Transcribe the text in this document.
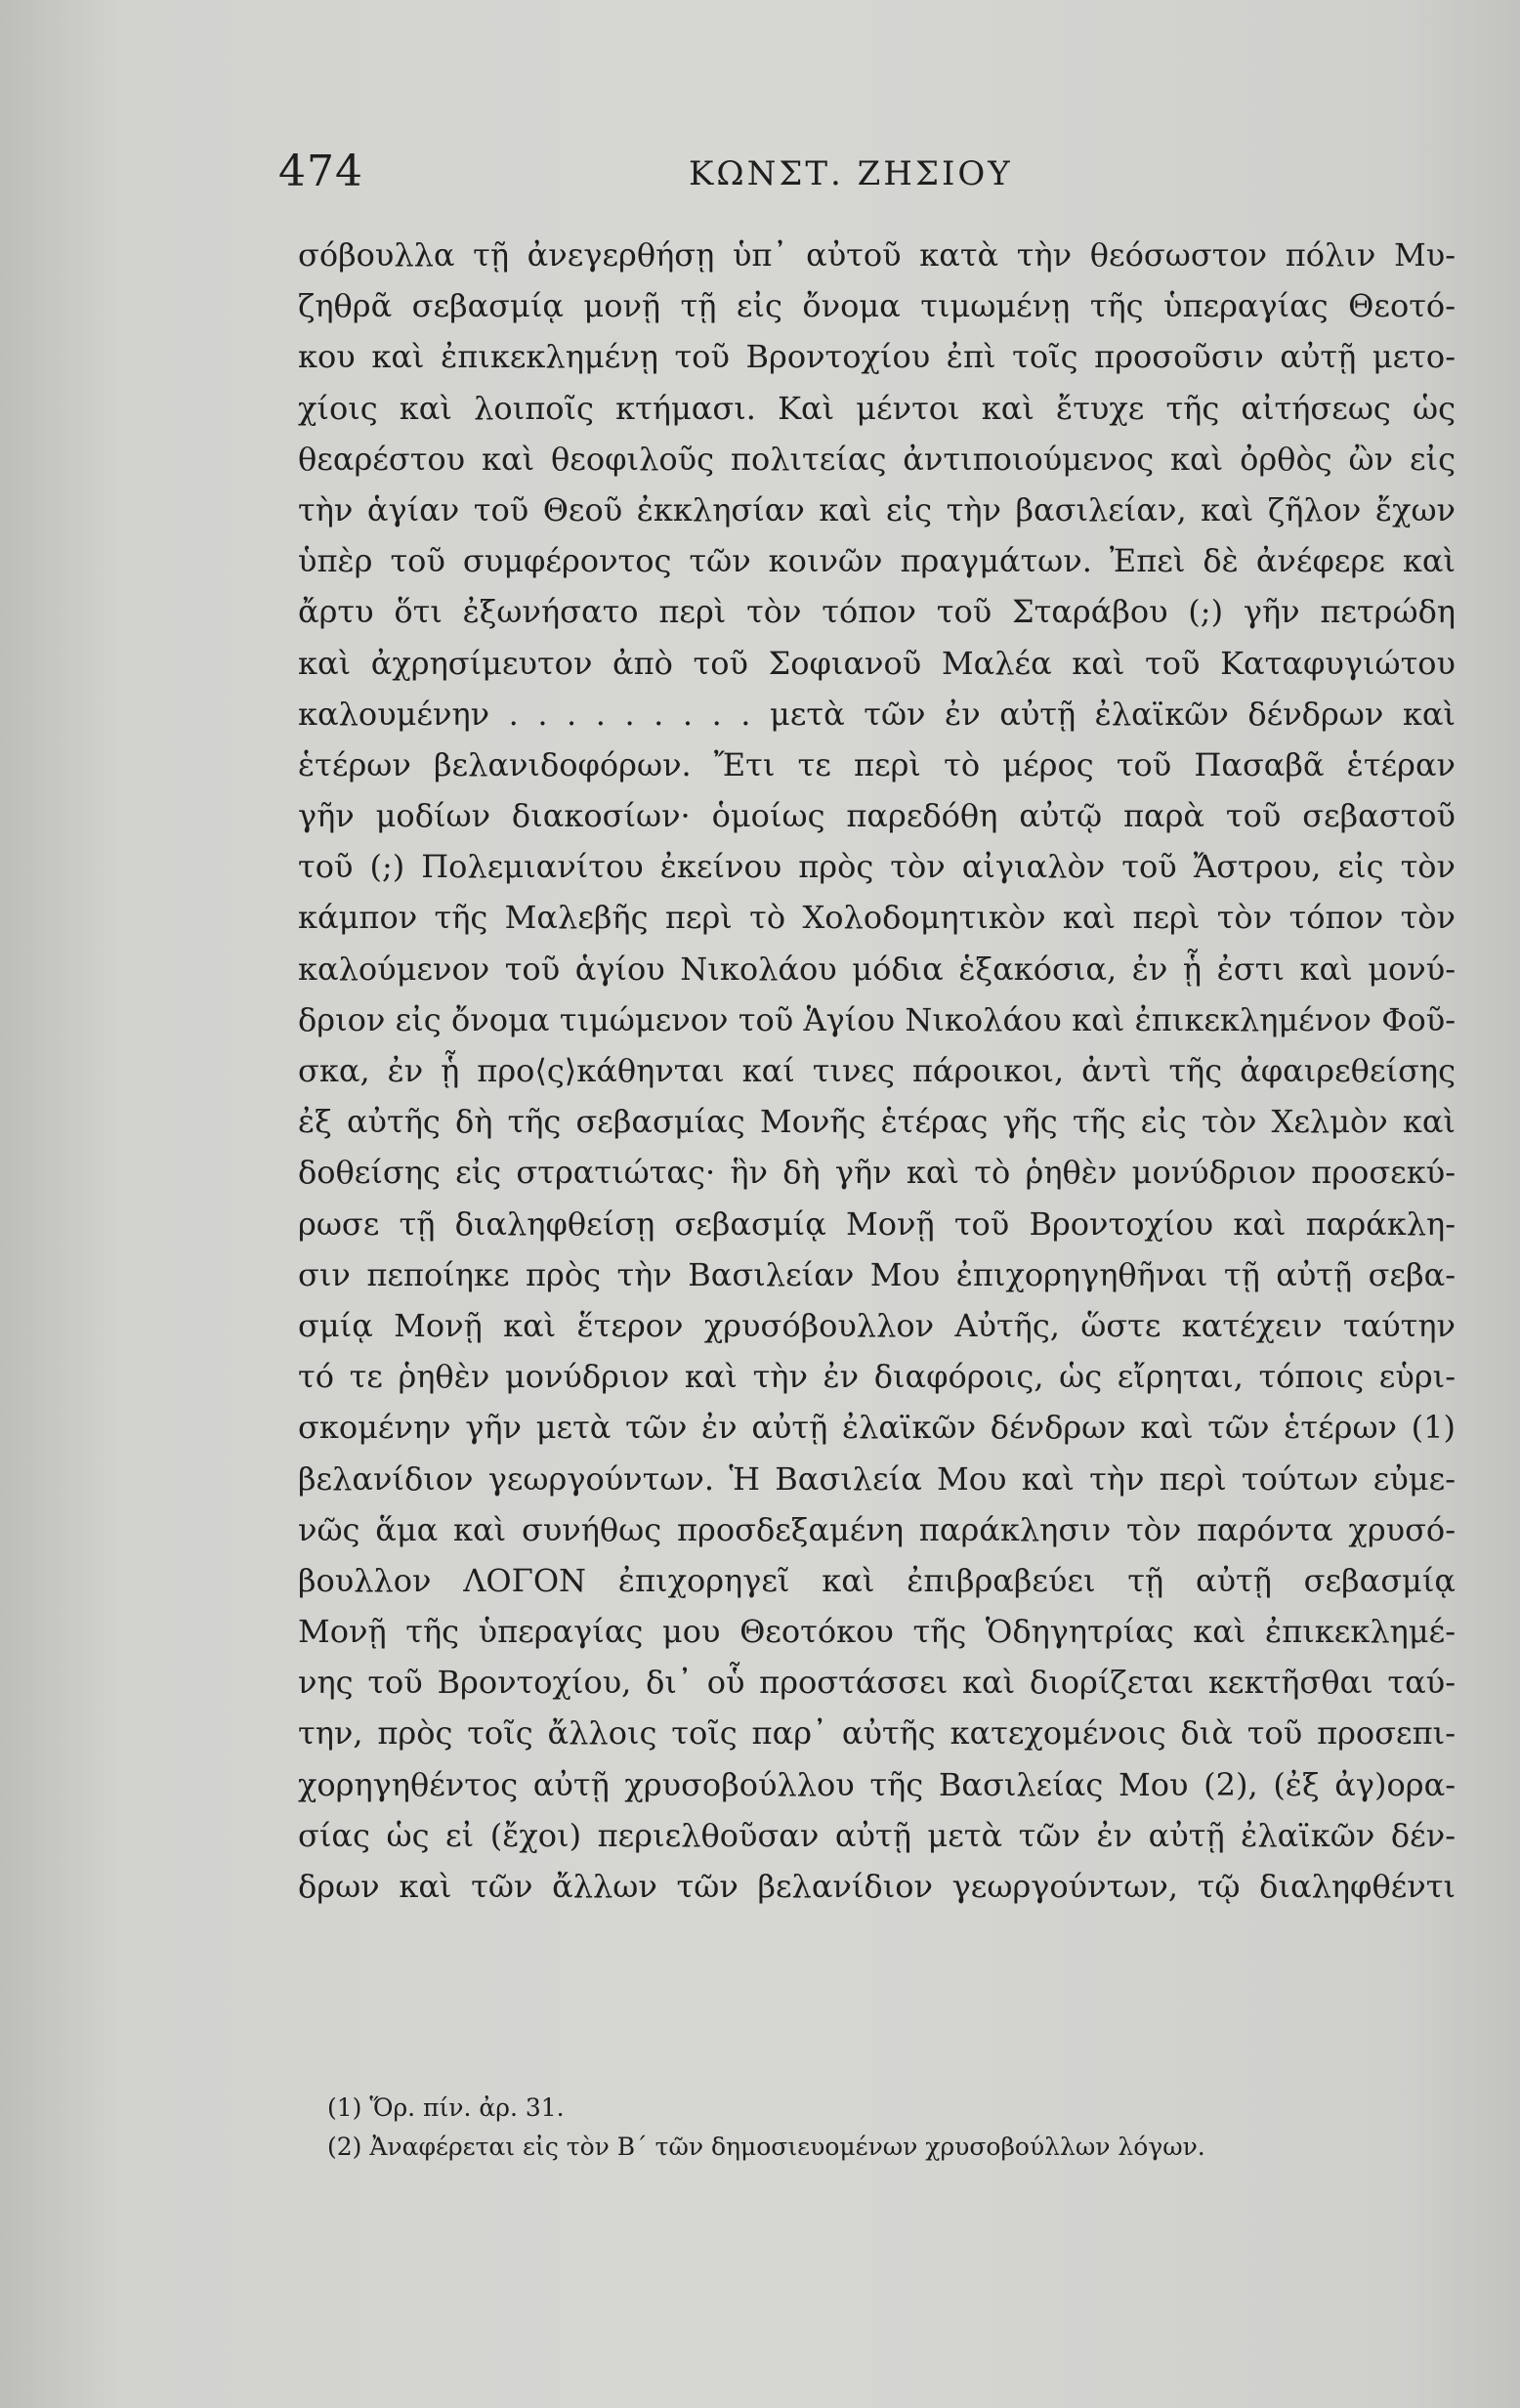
474	ΚΩΝΣΤ. ΖΗΣΙΟΥ
σόβουλλα τῇ ἀνεγερθήσῃ ὑπ᾽ αὐτοῦ κατὰ τὴν θεόσωστον πόλιν Μυ-
ζηθρᾶ σεβασμίᾳ μονῇ τῇ εἰς ὄνομα τιμωμένῃ τῆς ὑπεραγίας Θεοτό-
κου καὶ ἐπικεκλημένῃ τοῦ Βροντοχίου ἐπὶ τοῖς προσοῦσιν αὐτῇ μετο-
χίοις καὶ λοιποῖς κτήμασι. Καὶ μέντοι καὶ ἔτυχε τῆς αἰτήσεως ὡς
θεαρέστου καὶ θεοφιλοῦς πολιτείας ἀντιποιούμενος καὶ ὀρθὸς ὢν εἰς
τὴν ἁγίαν τοῦ Θεοῦ ἐκκλησίαν καὶ εἰς τὴν βασιλείαν, καὶ ζῆλον ἔχων
ὑπὲρ τοῦ συμφέροντος τῶν κοινῶν πραγμάτων. Ἐπεὶ δὲ ἀνέφερε καὶ
ἄρτυ ὅτι ἐξωνήσατο περὶ τὸν τόπον τοῦ Σταράβου (;) γῆν πετρώδη
καὶ ἀχρησίμευτον ἀπὸ τοῦ Σοφιανοῦ Μαλέα καὶ τοῦ Καταφυγιώτου
καλουμένην . . . . . . . . . μετὰ τῶν ἐν αὐτῇ ἐλαϊκῶν δένδρων καὶ
ἑτέρων βελανιδοφόρων. Ἔτι τε περὶ τὸ μέρος τοῦ Πασαβᾶ ἑτέραν
γῆν μοδίων διακοσίων· ὁμοίως παρεδόθη αὐτῷ παρὰ τοῦ σεβαστοῦ
τοῦ (;) Πολεμιανίτου ἐκείνου πρὸς τὸν αἰγιαλὸν τοῦ Ἄστρου, εἰς τὸν
κάμπον τῆς Μαλεβῆς περὶ τὸ Χολοδομητικὸν καὶ περὶ τὸν τόπον τὸν
καλούμενον τοῦ ἁγίου Νικολάου μόδια ἑξακόσια, ἐν ᾗ ἐστι καὶ μονύ-
δριον εἰς ὄνομα τιμώμενον τοῦ Ἁγίου Νικολάου καὶ ἐπικεκλημένον Φοῦ-
σκα, ἐν ᾗ προ⟨ς⟩κάθηνται καί τινες πάροικοι, ἀντὶ τῆς ἀφαιρεθείσης
ἐξ αὐτῆς δὴ τῆς σεβασμίας Μονῆς ἑτέρας γῆς τῆς εἰς τὸν Χελμὸν καὶ
δοθείσης εἰς στρατιώτας· ἣν δὴ γῆν καὶ τὸ ῥηθὲν μονύδριον προσεκύ-
ρωσε τῇ διαληφθείσῃ σεβασμίᾳ Μονῇ τοῦ Βροντοχίου καὶ παράκλη-
σιν πεποίηκε πρὸς τὴν Βασιλείαν Μου ἐπιχορηγηθῆναι τῇ αὐτῇ σεβα-
σμίᾳ Μονῇ καὶ ἕτερον χρυσόβουλλον Αὐτῆς, ὥστε κατέχειν ταύτην
τό τε ῥηθὲν μονύδριον καὶ τὴν ἐν διαφόροις, ὡς εἴρηται, τόποις εὑρι-
σκομένην γῆν μετὰ τῶν ἐν αὐτῇ ἐλαϊκῶν δένδρων καὶ τῶν ἑτέρων (1)
βελανίδιον γεωργούντων. Ἡ Βασιλεία Μου καὶ τὴν περὶ τούτων εὐμε-
νῶς ἅμα καὶ συνήθως προσδεξαμένη παράκλησιν τὸν παρόντα χρυσό-
βουλλον ΛΟΓΟΝ ἐπιχορηγεῖ καὶ ἐπιβραβεύει τῇ αὐτῇ σεβασμίᾳ
Μονῇ τῆς ὑπεραγίας μου Θεοτόκου τῆς Ὁδηγητρίας καὶ ἐπικεκλημέ-
νης τοῦ Βροντοχίου, δι᾽ οὗ προστάσσει καὶ διορίζεται κεκτῆσθαι ταύ-
την, πρὸς τοῖς ἄλλοις τοῖς παρ᾽ αὐτῆς κατεχομένοις διὰ τοῦ προσεπι-
χορηγηθέντος αὐτῇ χρυσοβούλλου τῆς Βασιλείας Μου (2), (ἐξ ἀγ)ορα-
σίας ὡς εἰ (ἔχοι) περιελθοῦσαν αὐτῇ μετὰ τῶν ἐν αὐτῇ ἐλαϊκῶν δέν-
δρων καὶ τῶν ἄλλων τῶν βελανίδιον γεωργούντων, τῷ διαληφθέντι
(1) Ὅρ. πίν. ἀρ. 31.
(2) Ἀναφέρεται εἰς τὸν Β´ τῶν δημοσιευομένων χρυσοβούλλων λόγων.
